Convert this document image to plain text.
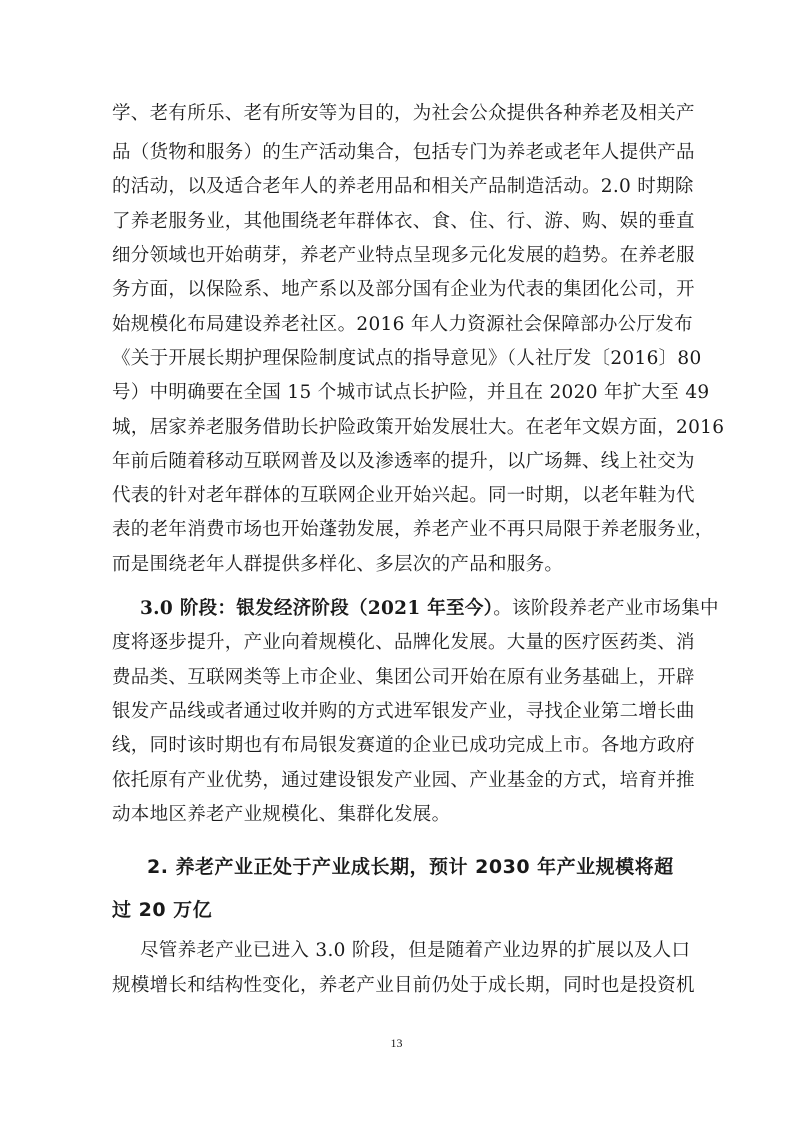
学、老有所乐、老有所安等为目的，为社会公众提供各种养老及相关产
品（货物和服务）的生产活动集合，包括专门为养老或老年人提供产品
的活动，以及适合老年人的养老用品和相关产品制造活动。2.0 时期除
了养老服务业，其他围绕老年群体衣、食、住、行、游、购、娱的垂直
细分领域也开始萌芽，养老产业特点呈现多元化发展的趋势。在养老服
务方面，以保险系、地产系以及部分国有企业为代表的集团化公司，开
始规模化布局建设养老社区。2016 年人力资源社会保障部办公厅发布
《关于开展长期护理保险制度试点的指导意见》（人社厅发〔2016〕80
号）中明确要在全国 15 个城市试点长护险，并且在 2020 年扩大至 49
城，居家养老服务借助长护险政策开始发展壮大。在老年文娱方面，2016
年前后随着移动互联网普及以及渗透率的提升，以广场舞、线上社交为
代表的针对老年群体的互联网企业开始兴起。同一时期，以老年鞋为代
表的老年消费市场也开始蓬勃发展，养老产业不再只局限于养老服务业，
而是围绕老年人群提供多样化、多层次的产品和服务。
3.0 阶段：银发经济阶段（2021 年至今）。该阶段养老产业市场集中
度将逐步提升，产业向着规模化、品牌化发展。大量的医疗医药类、消
费品类、互联网类等上市企业、集团公司开始在原有业务基础上，开辟
银发产品线或者通过收并购的方式进军银发产业，寻找企业第二增长曲
线，同时该时期也有布局银发赛道的企业已成功完成上市。各地方政府
依托原有产业优势，通过建设银发产业园、产业基金的方式，培育并推
动本地区养老产业规模化、集群化发展。
2. 养老产业正处于产业成长期，预计 2030 年产业规模将超
过 20 万亿
尽管养老产业已进入 3.0 阶段，但是随着产业边界的扩展以及人口
规模增长和结构性变化，养老产业目前仍处于成长期，同时也是投资机
13
